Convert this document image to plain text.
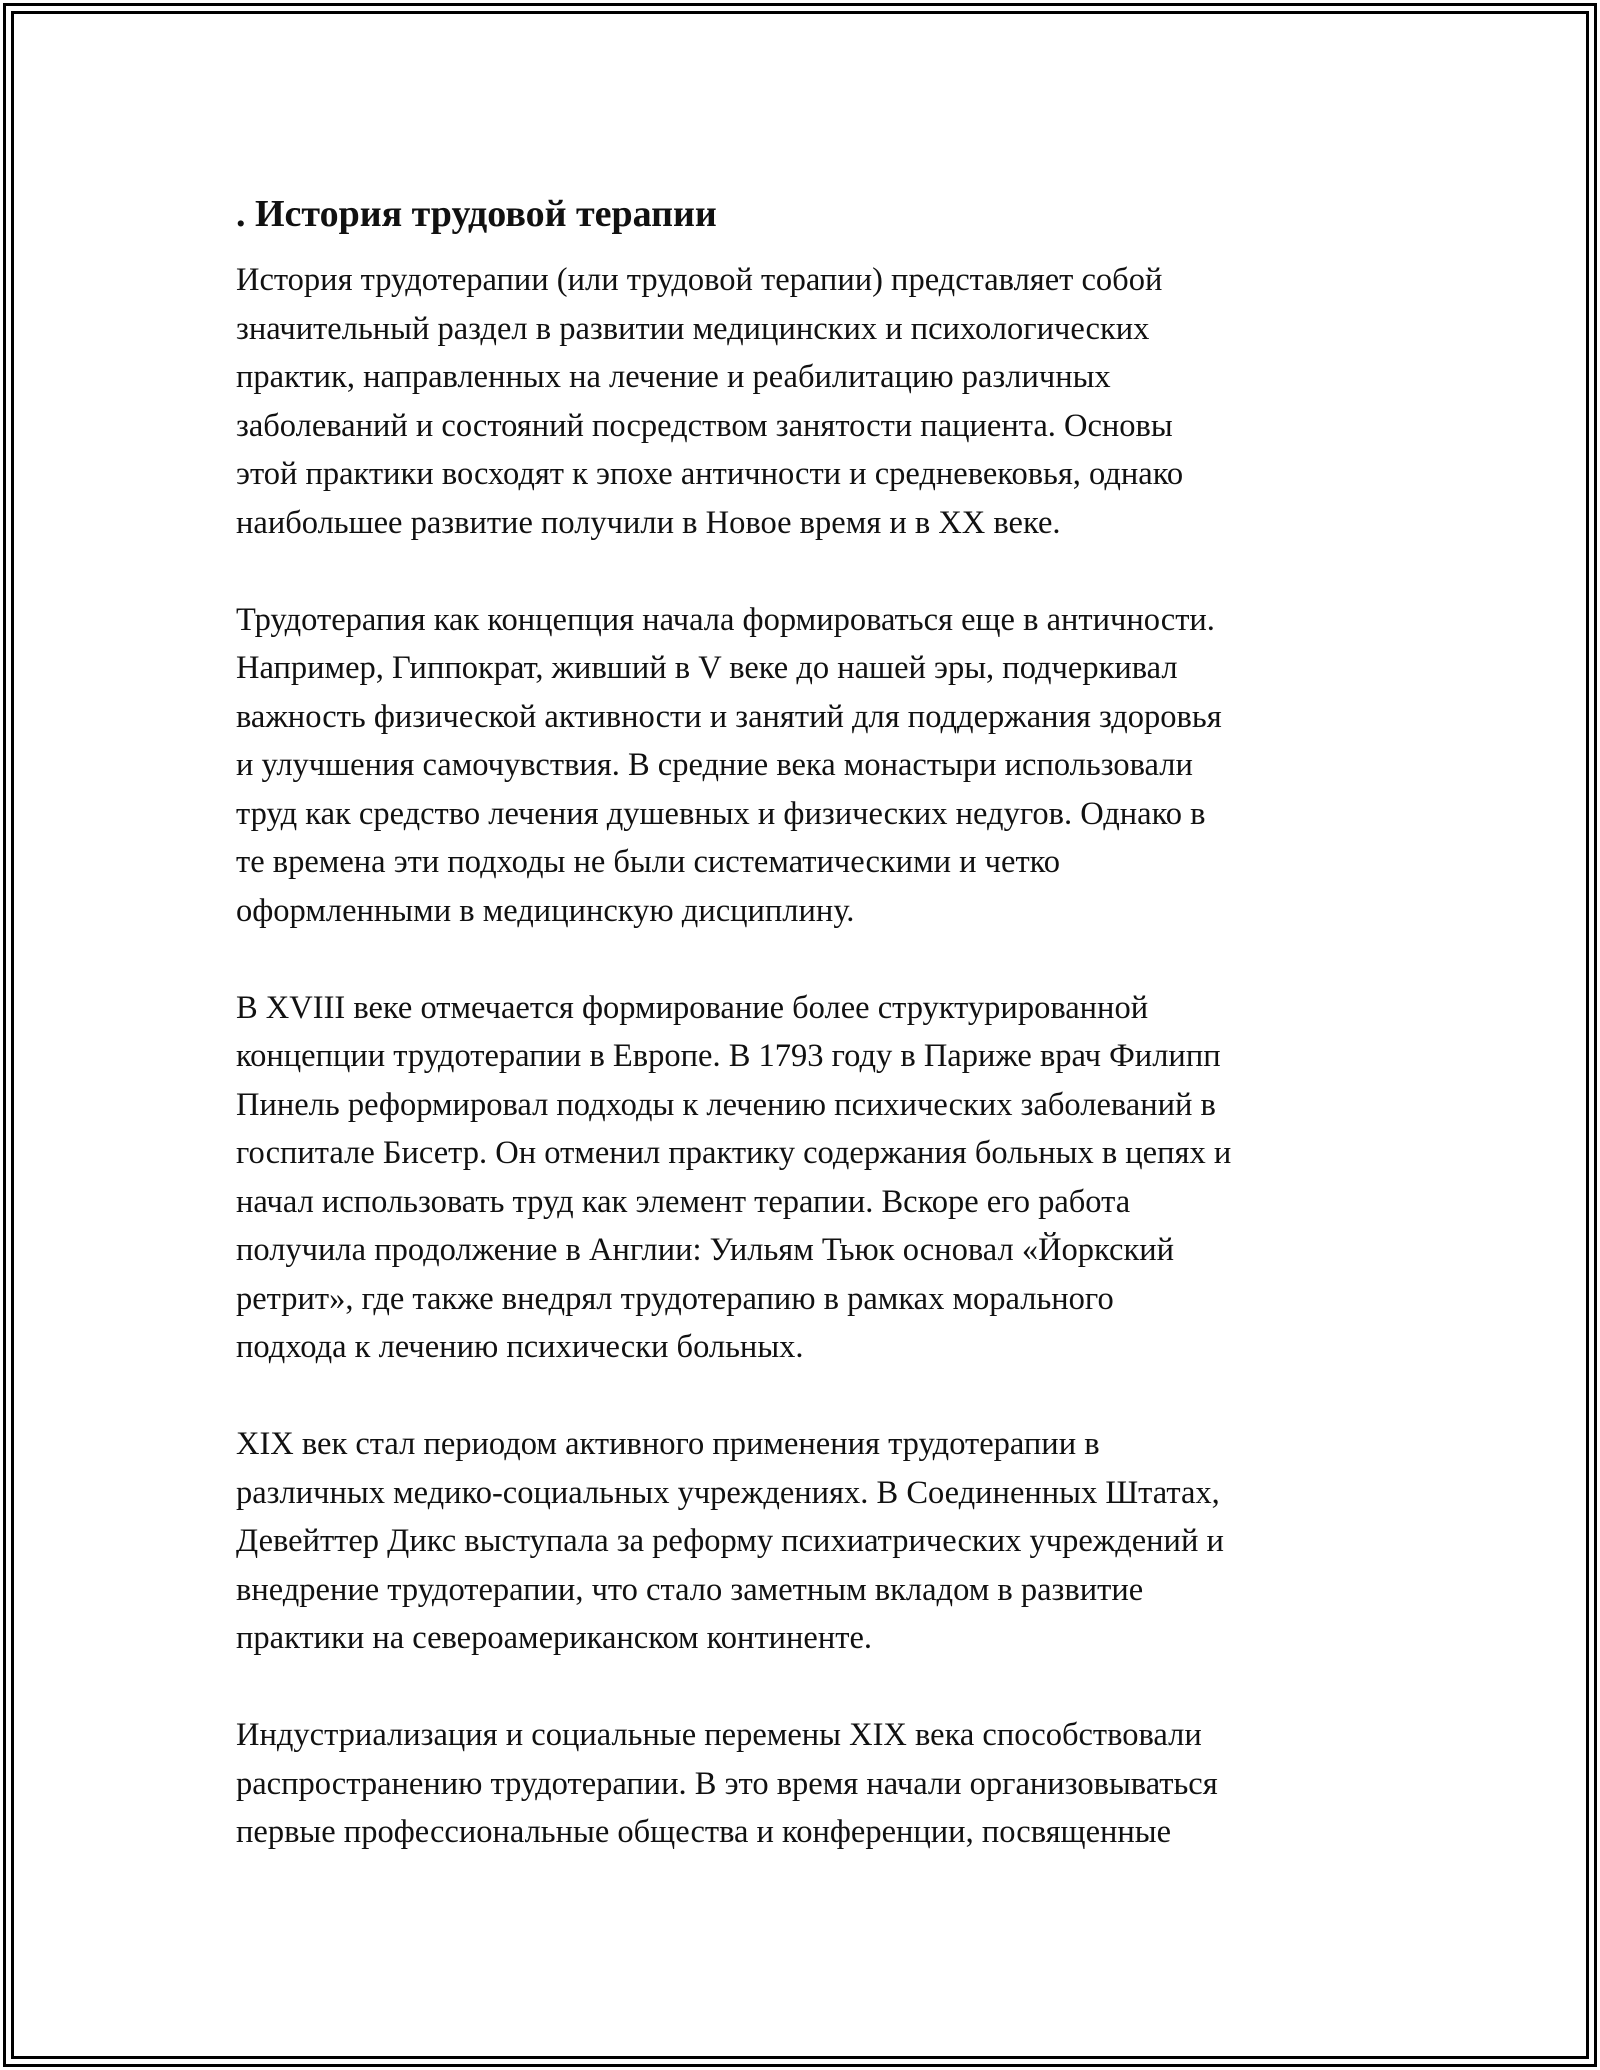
. История трудовой терапии
История трудотерапии (или трудовой терапии) представляет собой
значительный раздел в развитии медицинских и психологических
практик, направленных на лечение и реабилитацию различных
заболеваний и состояний посредством занятости пациента. Основы
этой практики восходят к эпохе античности и средневековья, однако
наибольшее развитие получили в Новое время и в XX веке.
Трудотерапия как концепция начала формироваться еще в античности.
Например, Гиппократ, живший в V веке до нашей эры, подчеркивал
важность физической активности и занятий для поддержания здоровья
и улучшения самочувствия. В средние века монастыри использовали
труд как средство лечения душевных и физических недугов. Однако в
те времена эти подходы не были систематическими и четко
оформленными в медицинскую дисциплину.
В XVIII веке отмечается формирование более структурированной
концепции трудотерапии в Европе. В 1793 году в Париже врач Филипп
Пинель реформировал подходы к лечению психических заболеваний в
госпитале Бисетр. Он отменил практику содержания больных в цепях и
начал использовать труд как элемент терапии. Вскоре его работа
получила продолжение в Англии: Уильям Тьюк основал «Йоркский
ретрит», где также внедрял трудотерапию в рамках морального
подхода к лечению психически больных.
XIX век стал периодом активного применения трудотерапии в
различных медико-социальных учреждениях. В Соединенных Штатах,
Девейттер Дикс выступала за реформу психиатрических учреждений и
внедрение трудотерапии, что стало заметным вкладом в развитие
практики на североамериканском континенте.
Индустриализация и социальные перемены XIX века способствовали
распространению трудотерапии. В это время начали организовываться
первые профессиональные общества и конференции, посвященные
